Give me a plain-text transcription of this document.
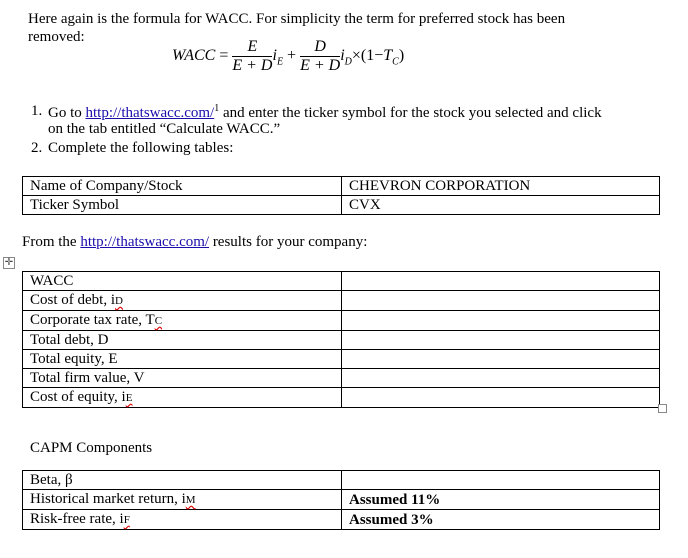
Here again is the formula for WACC. For simplicity the term for preferred stock has been

removed:

WACC = $\frac{E}{E + D} i_E + \frac{D}{E + D} i_D\times(1-T_C)$
1. Go to http://thatswacc.com/$^1$ and enter the ticker symbol for the stock you selected and click

on the tab entitled “Calculate WACC.”

2. Complete the following tables:
Name of Company/Stock	CHEVRON CORPORATION
Ticker Symbol	CVX

From the http://thatswacc.com/ results for your company:

✛
WACC	
Cost of debt, iD	
Corporate tax rate, TC	
Total debt, D	
Total equity, E	
Total firm value, V	
Cost of equity, iE	

CAPM Components

Beta, β	
Historical market return, iM	Assumed 11%
Risk-free rate, iF	Assumed 3%
